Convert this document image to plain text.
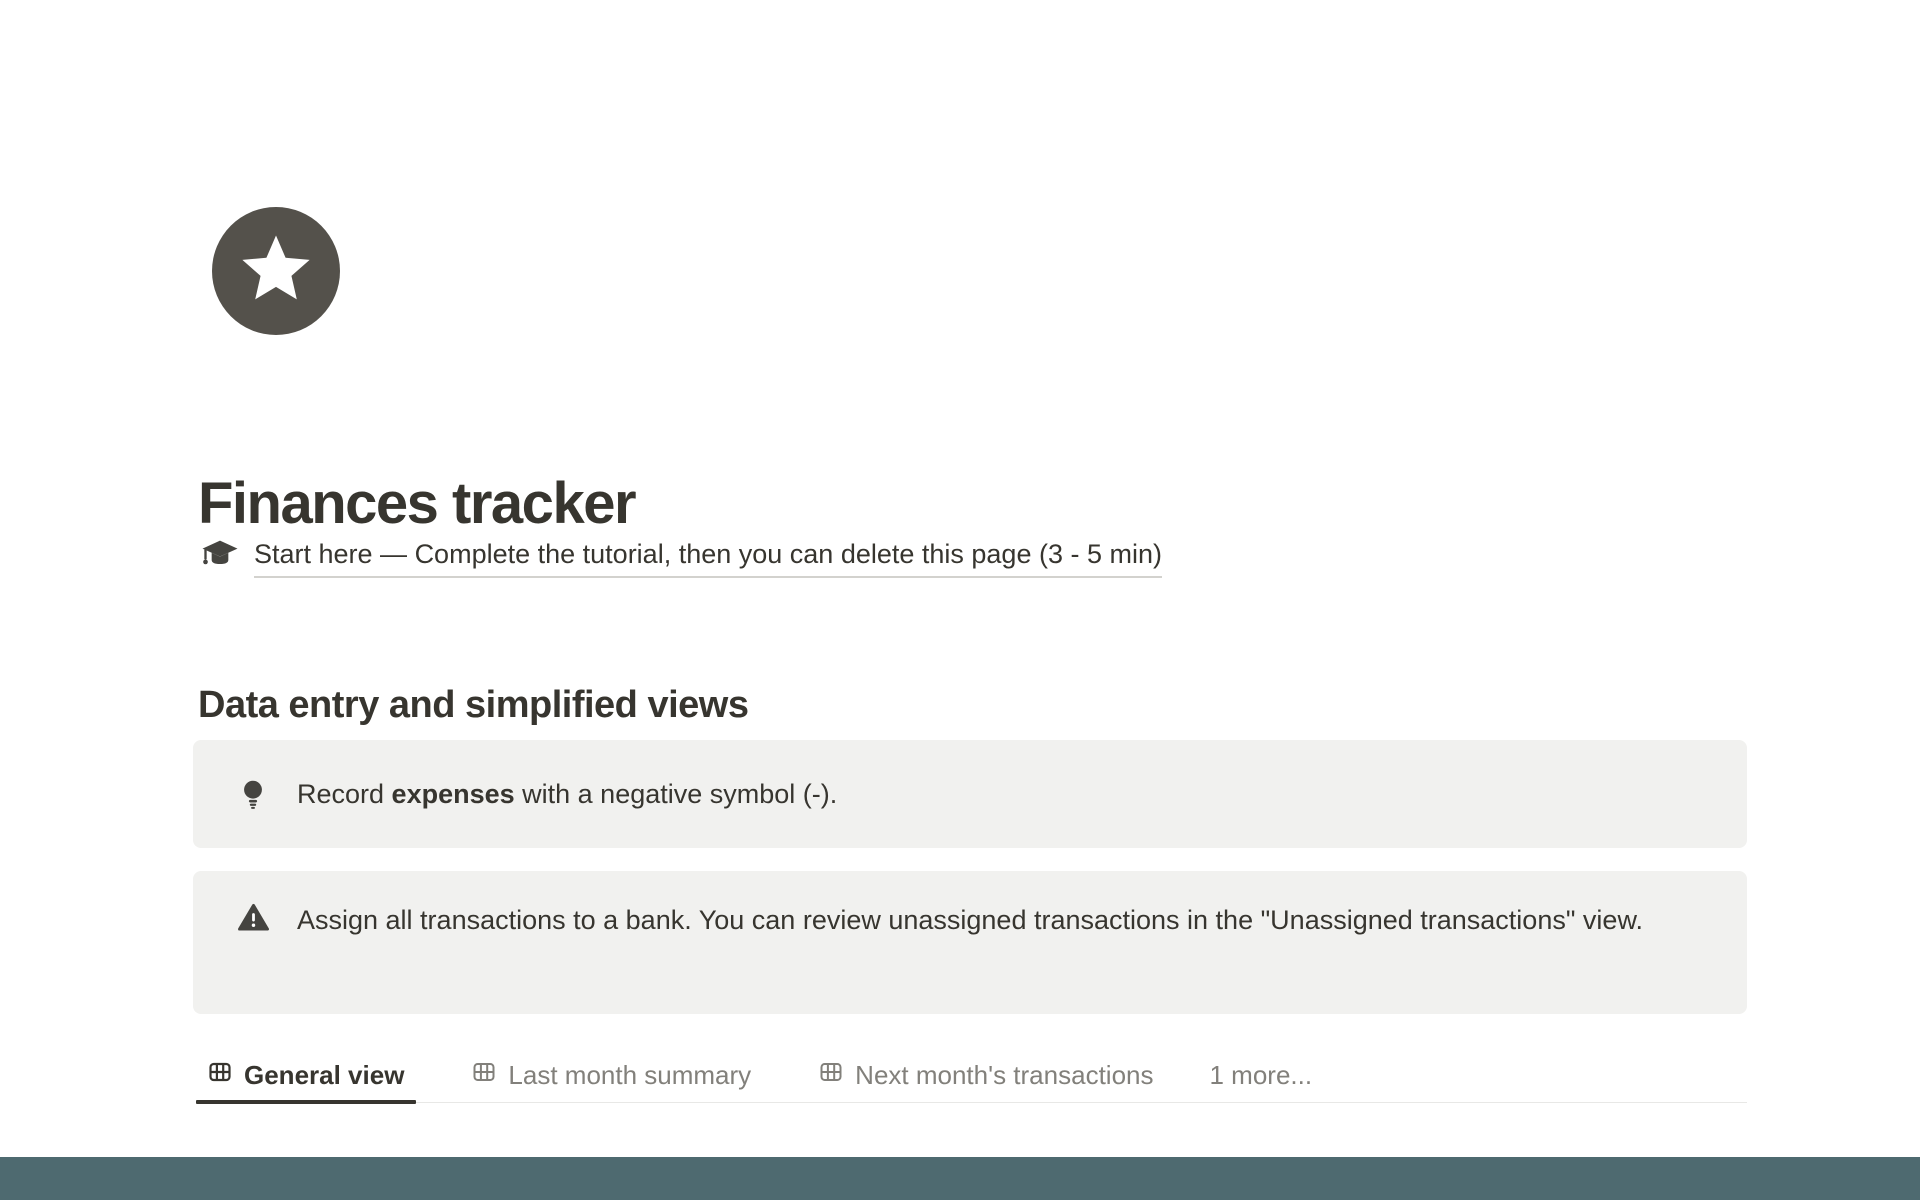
Finances tracker
Start here — Complete the tutorial, then you can delete this page (3 - 5 min)
Data entry and simplified views
Record expenses with a negative symbol (-).
Assign all transactions to a bank. You can review unassigned transactions in the "Unassigned transactions" view.
General view	Last month summary	Next month's transactions 1 more...
